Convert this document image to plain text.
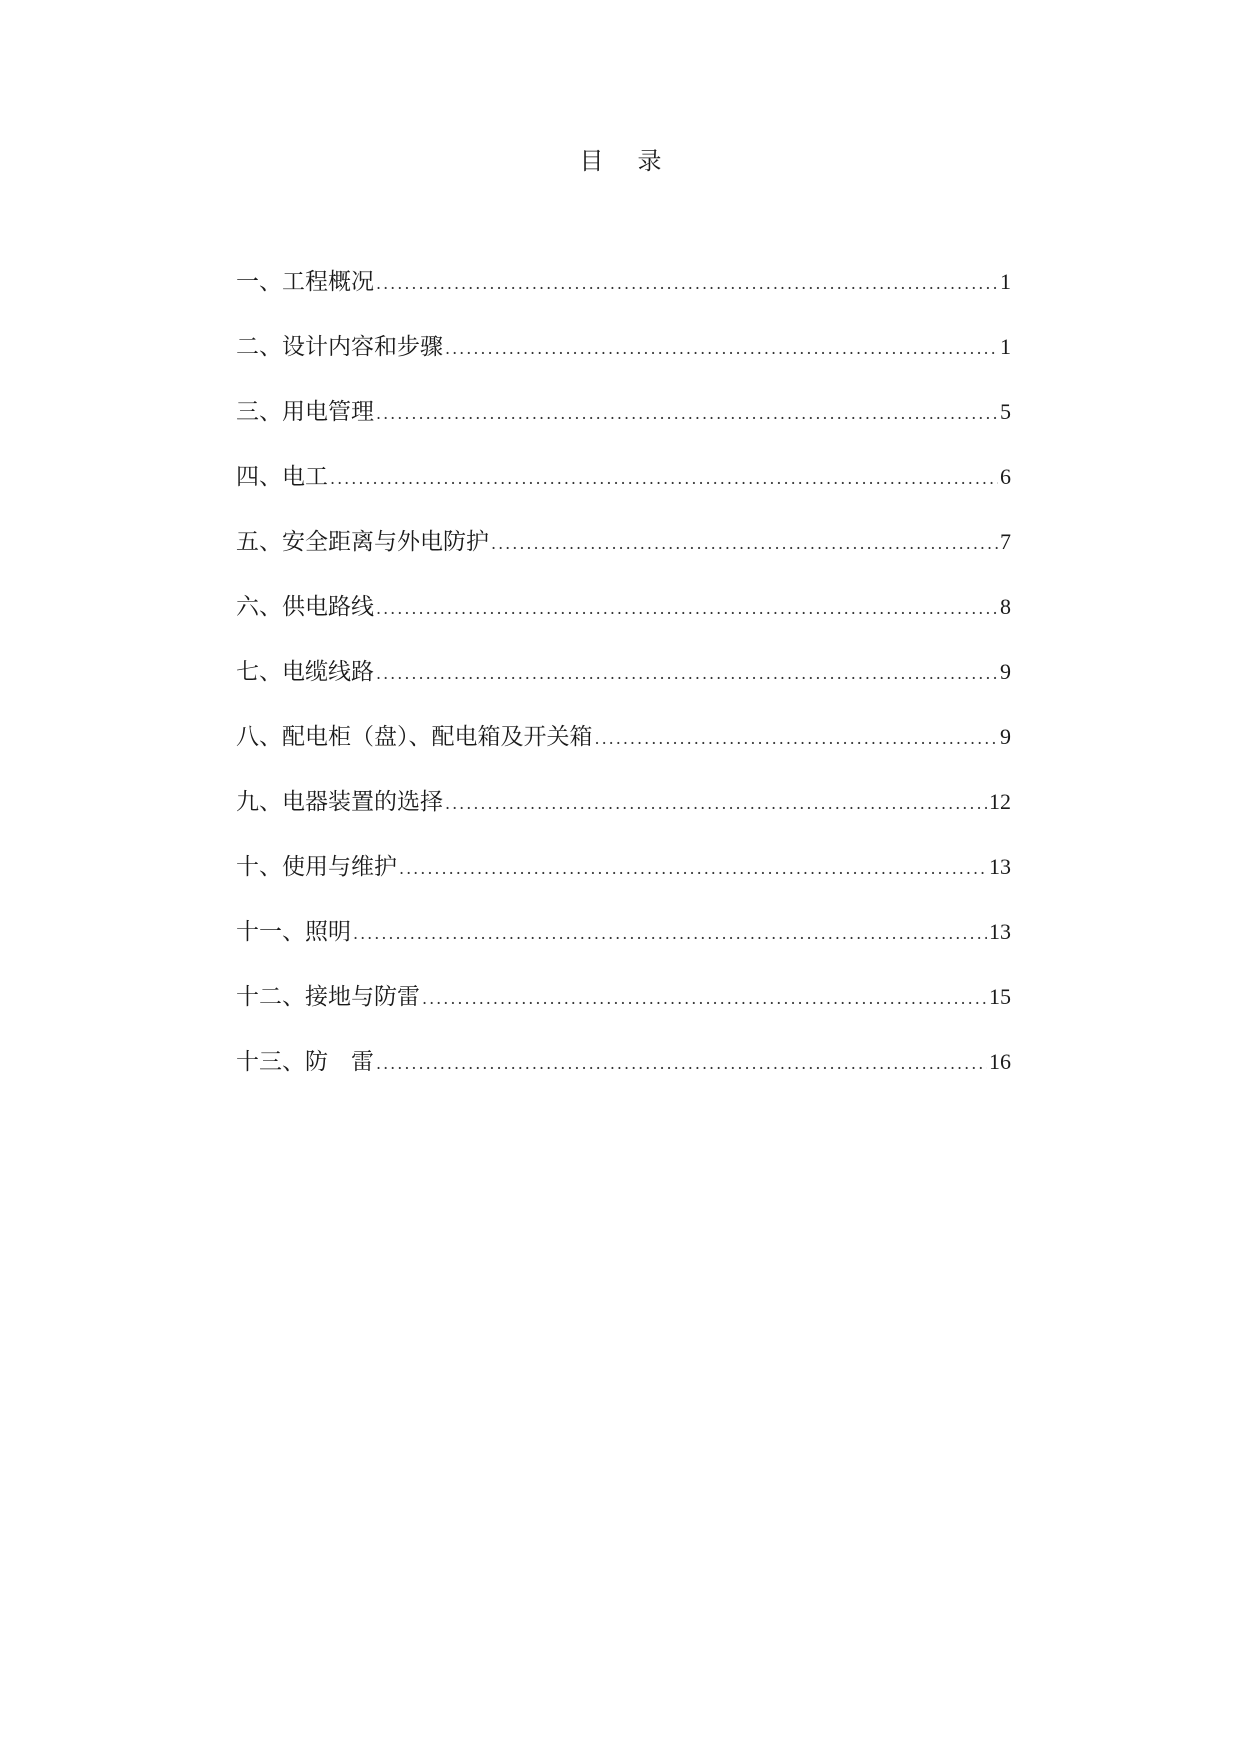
目 录
一、工程概况 .....	1
二、设计内容和步骤 .....	1
三、用电管理 .....	5
四、电工 .....	6
五、安全距离与外电防护 .....	7
六、供电路线 .....	8
七、电缆线路 .....	9
八、配电柜（盘）、配电箱及开关箱 .....	9
九、电器装置的选择 .....	12
十、使用与维护 .....	13
十一、照明 .....	13
十二、接地与防雷 .....	15
十三、防　雷 .....	16
